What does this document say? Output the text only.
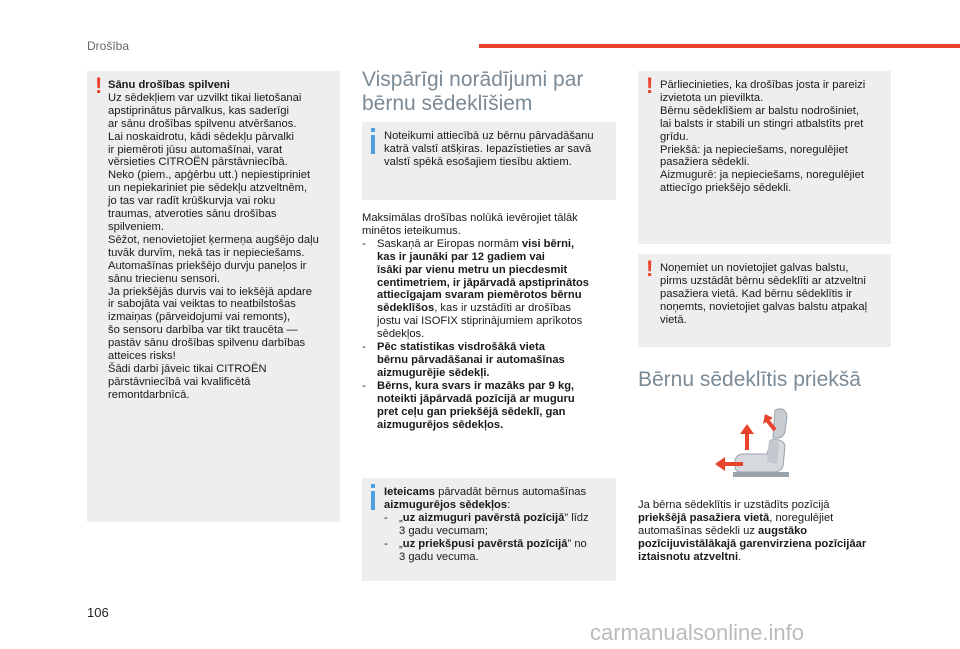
Drošība
! Sānu drošības spilveni
Uz sēdekļiem var uzvilkt tikai lietošanai
apstiprinātus pārvalkus, kas saderīgi
ar sānu drošības spilvenu atvēršanos.
Lai noskaidrotu, kādi sēdekļu pārvalki
ir piemēroti jūsu automašīnai, varat
vērsieties CITROËN pārstāvniecībā.
Neko (piem., apģērbu utt.) nepiestipriniet
un nepiekariniet pie sēdekļu atzveltnēm,
jo tas var radīt krūškurvja vai roku
traumas, atveroties sānu drošības
spilveniem.
Sēžot, nenovietojiet ķermeņa augšējo daļu
tuvāk durvīm, nekā tas ir nepieciešams.
Automašīnas priekšējo durvju paneļos ir
sānu triecienu sensori.
Ja priekšējās durvis vai to iekšējā apdare
ir sabojāta vai veiktas to neatbilstošas
izmaiņas (pārveidojumi vai remonts),
šo sensoru darbība var tikt traucēta —
pastāv sānu drošības spilvenu darbības
atteices risks!
Šādi darbi jāveic tikai CITROËN
pārstāvniecībā vai kvalificētā
remontdarbnīcā.
Vispārīgi norādījumi par
bērnu sēdeklīšiem
Noteikumi attiecībā uz bērnu pārvadāšanu
katrā valstī atšķiras. Iepazīstieties ar savā
valstī spēkā esošajiem tiesību aktiem.
Maksimālas drošības nolūkā ievērojiet tālāk
minētos ieteikumus.
-	Saskaņā ar Eiropas normām visi bērni,
kas ir jaunāki par 12 gadiem vai
īsāki par vienu metru un piecdesmit
centimetriem, ir jāpārvadā apstiprinātos
attiecīgajam svaram piemērotos bērnu
sēdeklīšos, kas ir uzstādīti ar drošības
jostu vai ISOFIX stiprinājumiem aprīkotos
sēdekļos.
-	Pēc statistikas visdrošākā vieta
bērnu pārvadāšanai ir automašīnas
aizmugurējie sēdekļi.
-	Bērns, kura svars ir mazāks par 9 kg,
noteikti jāpārvadā pozīcijā ar muguru
pret ceļu gan priekšējā sēdeklī, gan
aizmugurējos sēdekļos.
Ieteicams pārvadāt bērnus automašīnas
aizmugurējos sēdekļos:
-	„uz aizmuguri pavērstā pozīcijā” līdz
3 gadu vecumam;
-	„uz priekšpusi pavērstā pozīcijā” no
3 gadu vecuma.
! Pārliecinieties, ka drošības josta ir pareizi
izvietota un pievilkta.
Bērnu sēdeklīšiem ar balstu nodrošiniet,
lai balsts ir stabili un stingri atbalstīts pret
grīdu.
Priekšā: ja nepieciešams, noregulējiet
pasažiera sēdekli.
Aizmugurē: ja nepieciešams, noregulējiet
attiecīgo priekšējo sēdekli.
! Noņemiet un novietojiet galvas balstu,
pirms uzstādāt bērnu sēdeklīti ar atzveltni
pasažiera vietā. Kad bērnu sēdeklītis ir
noņemts, novietojiet galvas balstu atpakaļ
vietā.
Bērnu sēdeklītis priekšā

Ja bērna sēdeklītis ir uzstādīts pozīcijā
priekšējā pasažiera vietā, noregulējiet
automašīnas sēdekli uz augstāko
pozīcijuvistālākajā garenvirziena pozīcijāar
iztaisnotu atzveltni.

106
carmanualsonline.info
